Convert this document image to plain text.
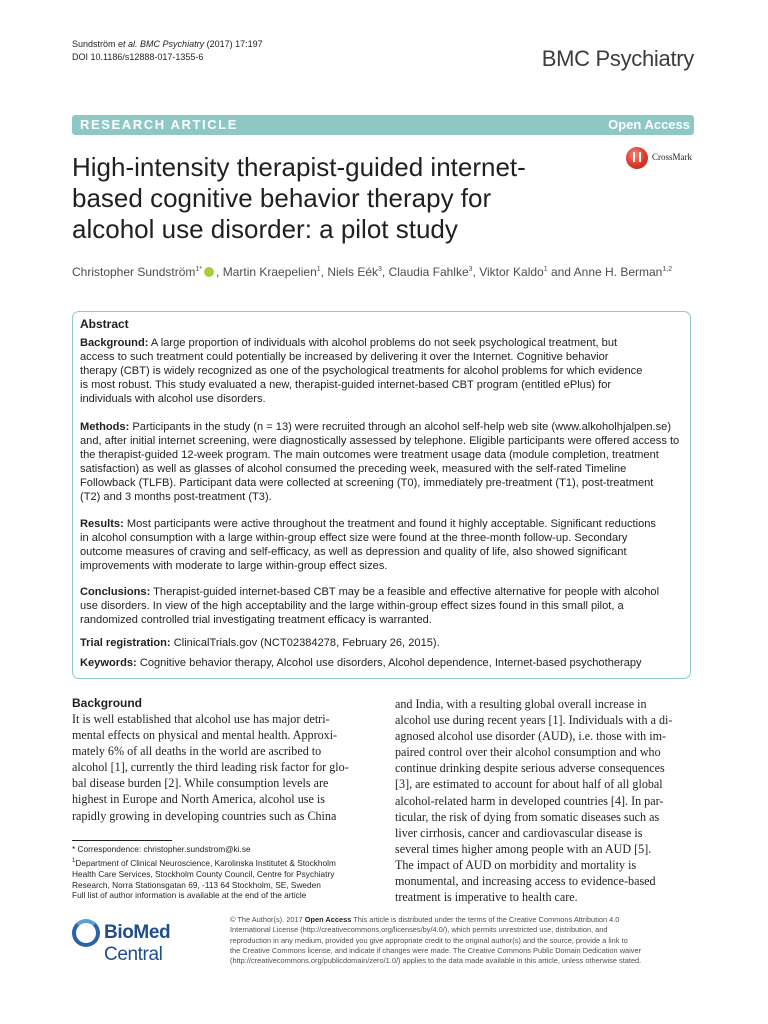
Sundström et al. BMC Psychiatry (2017) 17:197
DOI 10.1186/s12888-017-1355-6	BMC Psychiatry
RESEARCH ARTICLE	Open Access
High-intensity therapist-guided internet-
based cognitive behavior therapy for
alcohol use disorder: a pilot study
CrossMark
Christopher Sundström$^{1*}$ , Martin Kraepelien$^1$, Niels Eék$^3$, Claudia Fahlke$^3$, Viktor Kaldo$^1$ and Anne H. Berman$^{1,2}$
Abstract
Background: A large proportion of individuals with alcohol problems do not seek psychological treatment, but
access to such treatment could potentially be increased by delivering it over the Internet. Cognitive behavior
therapy (CBT) is widely recognized as one of the psychological treatments for alcohol problems for which evidence
is most robust. This study evaluated a new, therapist-guided internet-based CBT program (entitled ePlus) for
individuals with alcohol use disorders.
Methods: Participants in the study (n = 13) were recruited through an alcohol self-help web site (www.alkoholhjalpen.se)
and, after initial internet screening, were diagnostically assessed by telephone. Eligible participants were offered access to
the therapist-guided 12-week program. The main outcomes were treatment usage data (module completion, treatment
satisfaction) as well as glasses of alcohol consumed the preceding week, measured with the self-rated Timeline
Followback (TLFB). Participant data were collected at screening (T0), immediately pre-treatment (T1), post-treatment
(T2) and 3 months post-treatment (T3).
Results: Most participants were active throughout the treatment and found it highly acceptable. Significant reductions
in alcohol consumption with a large within-group effect size were found at the three-month follow-up. Secondary
outcome measures of craving and self-efficacy, as well as depression and quality of life, also showed significant
improvements with moderate to large within-group effect sizes.
Conclusions: Therapist-guided internet-based CBT may be a feasible and effective alternative for people with alcohol
use disorders. In view of the high acceptability and the large within-group effect sizes found in this small pilot, a
randomized controlled trial investigating treatment efficacy is warranted.
Trial registration: ClinicalTrials.gov (NCT02384278, February 26, 2015).
Keywords: Cognitive behavior therapy, Alcohol use disorders, Alcohol dependence, Internet-based psychotherapy
Background
It is well established that alcohol use has major detri-
mental effects on physical and mental health. Approxi-
mately 6% of all deaths in the world are ascribed to
alcohol [1], currently the third leading risk factor for glo-
bal disease burden [2]. While consumption levels are
highest in Europe and North America, alcohol use is
rapidly growing in developing countries such as China
and India, with a resulting global overall increase in
alcohol use during recent years [1]. Individuals with a di-
agnosed alcohol use disorder (AUD), i.e. those with im-
paired control over their alcohol consumption and who
continue drinking despite serious adverse consequences
[3], are estimated to account for about half of all global
alcohol-related harm in developed countries [4]. In par-
ticular, the risk of dying from somatic diseases such as
liver cirrhosis, cancer and cardiovascular disease is
several times higher among people with an AUD [5].
The impact of AUD on morbidity and mortality is
monumental, and increasing access to evidence-based
treatment is imperative to health care.
* Correspondence: christopher.sundstrom@ki.se
$^1$Department of Clinical Neuroscience, Karolinska Institutet & Stockholm
Health Care Services, Stockholm County Council, Centre for Psychiatry
Research, Norra Stationsgatan 69, -113 64 Stockholm, SE, Sweden
Full list of author information is available at the end of the article
BioMed Central
© The Author(s). 2017 Open Access This article is distributed under the terms of the Creative Commons Attribution 4.0
International License (http://creativecommons.org/licenses/by/4.0/), which permits unrestricted use, distribution, and
reproduction in any medium, provided you give appropriate credit to the original author(s) and the source, provide a link to
the Creative Commons license, and indicate if changes were made. The Creative Commons Public Domain Dedication waiver
(http://creativecommons.org/publicdomain/zero/1.0/) applies to the data made available in this article, unless otherwise stated.
